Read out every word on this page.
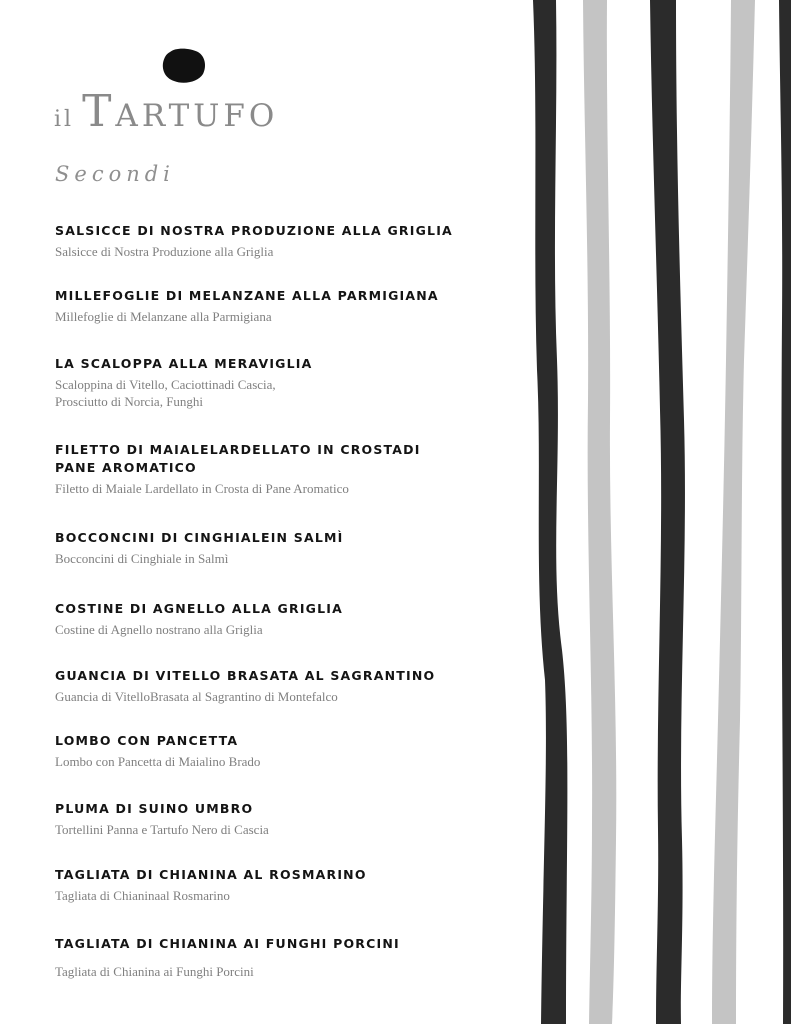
il Tartufo
Secondi
SALSICCE DI NOSTRA PRODUZIONE ALLA GRIGLIA
Salsicce di Nostra Produzione alla Griglia
MILLEFOGLIE DI MELANZANE ALLA PARMIGIANA
Millefoglie di Melanzane alla Parmigiana
LA SCALOPPA ALLA MERAVIGLIA
Scaloppina di Vitello, Caciottinadi Cascia,
Prosciutto di Norcia, Funghi
FILETTO DI MAIALELARDELLATO IN CROSTADI PANE AROMATICO
Filetto di Maiale Lardellato in Crosta di Pane Aromatico
BOCCONCINI DI CINGHIALEIN SALMÌ
Bocconcini di Cinghiale in Salmì
COSTINE DI AGNELLO ALLA GRIGLIA
Costine di Agnello nostrano alla Griglia
GUANCIA DI VITELLO BRASATA AL SAGRANTINO
Guancia di VitelloBrasata al Sagrantino di Montefalco
LOMBO CON PANCETTA
Lombo con Pancetta di Maialino Brado
PLUMA DI SUINO UMBRO
Tortellini Panna e Tartufo Nero di Cascia
TAGLIATA DI CHIANINA AL ROSMARINO
Tagliata di Chianinaal Rosmarino
TAGLIATA DI CHIANINA AI FUNGHI PORCINI
Tagliata di Chianina ai Funghi Porcini
